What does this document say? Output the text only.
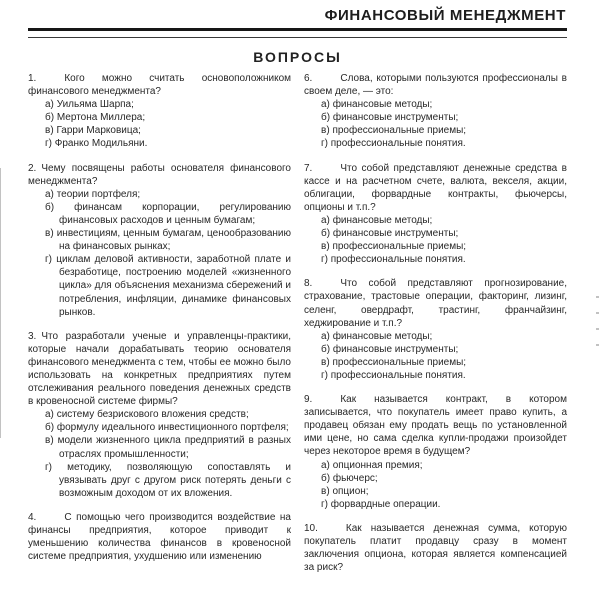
ФИНАНСОВЫЙ МЕНЕДЖМЕНТ
ВОПРОСЫ

1.	Кого можно считать основоположником финансового менеджмента?

а) Уильяма Шарпа;

б) Мертона Миллера;

в) Гарри Марковица;

г) Франко Модильяни.

2. Чему посвящены работы основателя финансового менеджмента?

а) теории портфеля;

б) финансам корпорации, регулированию финансовых расходов и ценным бумагам;

в) инвестициям, ценным бумагам, ценообразованию на финансовых рынках;

г) циклам деловой активности, заработной плате и безработице, построению моделей «жизненного цикла» для объяснения механизма сбережений и потребления, инфляции, динамике финансовых рынков.

3. Что разработали ученые и управленцы-практики, которые начали дорабатывать теорию основателя финансового менеджмента с тем, чтобы ее можно было использовать на конкретных предприятиях путем отслеживания реального поведения денежных средств в кровеносной системе фирмы?

а) систему безрискового вложения средств;

б) формулу идеального инвестиционного портфеля;

в) модели жизненного цикла предприятий в разных отраслях промышленности;

г) методику, позволяющую сопоставлять и увязывать друг с другом риск потерять деньги с возможным доходом от их вложения.

4.	С помощью чего производится воздействие на финансы предприятия, которое приводит к уменьшению количества финансов в кровеносной системе предприятия, ухудшению или изменению

6.	Слова, которыми пользуются профессионалы в своем деле, — это:

а) финансовые методы;

б) финансовые инструменты;

в) профессиональные приемы;

г) профессиональные понятия.

7.	Что собой представляют денежные средства в кассе и на расчетном счете, валюта, векселя, акции, облигации, форвардные контракты, фьючерсы, опционы и т.п.?

а) финансовые методы;

б) финансовые инструменты;

в) профессиональные приемы;

г) профессиональные понятия.

8.	Что собой представляют прогнозирование, страхование, трастовые операции, факторинг, лизинг, селенг, овердрафт, трастинг, франчайзинг, хеджирование и т.п.?

а) финансовые методы;

б) финансовые инструменты;

в) профессиональные приемы;

г) профессиональные понятия.

9.	Как называется контракт, в котором записывается, что покупатель имеет право купить, а продавец обязан ему продать вещь по установленной ими цене, но сама сделка купли-продажи произойдет через некоторое время в будущем?

а) опционная премия;

б) фьючерс;

в) опцион;

г) форвардные операции.

10.	Как называется денежная сумма, которую покупатель платит продавцу сразу в момент заключения опциона, которая является компенсацией за риск?
